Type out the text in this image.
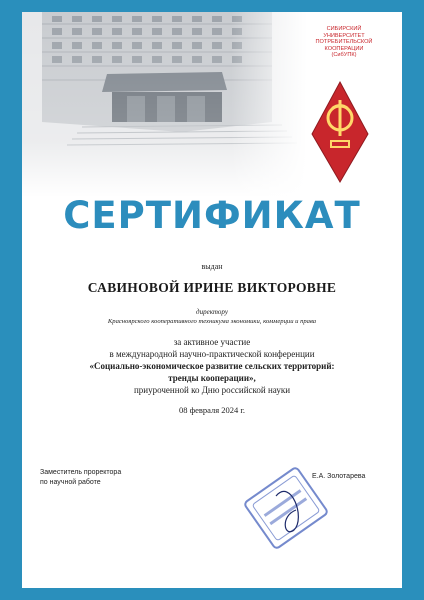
СИБИРСКИЙ
УНИВЕРСИТЕТ
ПОТРЕБИТЕЛЬСКОЙ
КООПЕРАЦИИ
(СибУПК)
СЕРТИФИКАТ
выдан
САВИНОВОЙ ИРИНЕ ВИКТОРОВНЕ
директору
Красноярского кооперативного техникума экономики, коммерции и права
за активное участие
в международной научно-практической конференции
«Социально-экономическое развитие сельских территорий:
тренды кооперации»,
приуроченной ко Дню российской науки
08 февраля 2024 г.
Заместитель проректора
по научной работе
Е.А. Золотарева
